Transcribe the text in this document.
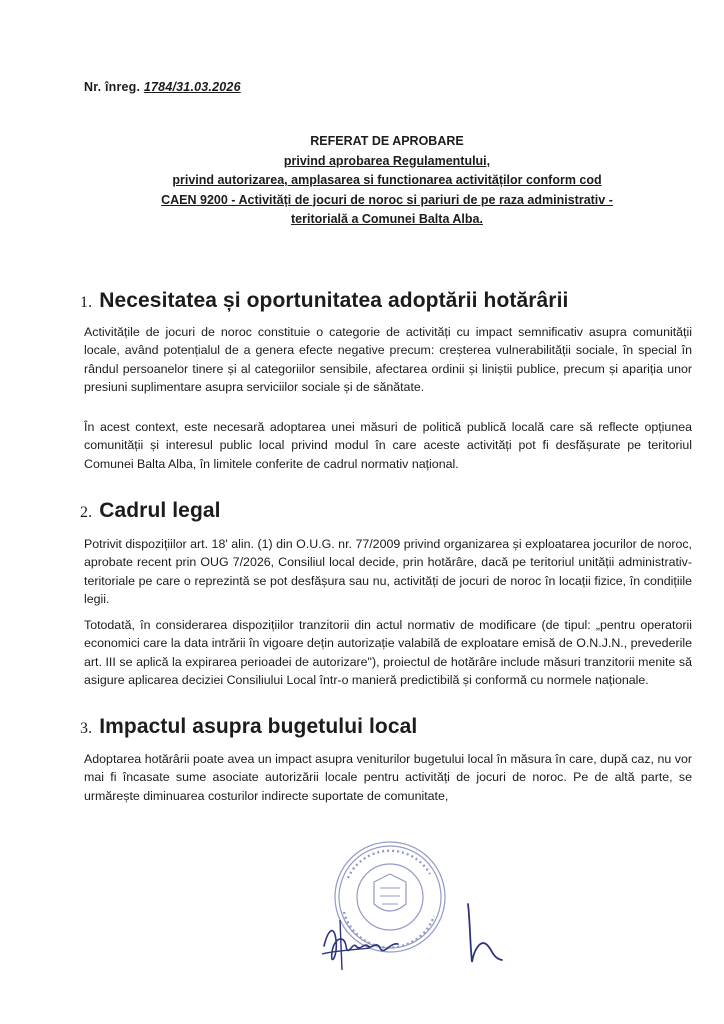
Nr. înreg. 1784/31.03.2026
REFERAT DE APROBARE
privind aprobarea Regulamentului,
privind autorizarea, amplasarea si functionarea activităților conform cod
CAEN 9200 - Activități de jocuri de noroc si pariuri de pe raza administrativ -
teritorială a Comunei Balta Alba.
1. Necesitatea și oportunitatea adoptării hotărârii

Activitățile de jocuri de noroc constituie o categorie de activități cu impact semnificativ asupra comunității locale, având potențialul de a genera efecte negative precum: creșterea vulnerabilității sociale, în special în rândul persoanelor tinere și al categoriilor sensibile, afectarea ordinii și liniștii publice, precum și apariția unor presiuni suplimentare asupra serviciilor sociale și de sănătate.

În acest context, este necesară adoptarea unei măsuri de politică publică locală care să reflecte opțiunea comunității și interesul public local privind modul în care aceste activități pot fi desfășurate pe teritoriul Comunei Balta Alba, în limitele conferite de cadrul normativ național.

2. Cadrul legal

Potrivit dispozițiilor art. 18' alin. (1) din O.U.G. nr. 77/2009 privind organizarea și exploatarea jocurilor de noroc, aprobate recent prin OUG 7/2026, Consiliul local decide, prin hotărâre, dacă pe teritoriul unității administrativ-teritoriale pe care o reprezintă se pot desfășura sau nu, activități de jocuri de noroc în locații fizice, în condițiile legii.

Totodată, în considerarea dispozițiilor tranzitorii din actul normativ de modificare (de tipul: „pentru operatorii economici care la data intrării în vigoare dețin autorizație valabilă de exploatare emisă de O.N.J.N., prevederile art. III se aplică la expirarea perioadei de autorizare"), proiectul de hotărâre include măsuri tranzitorii menite să asigure aplicarea deciziei Consiliului Local într-o manieră predictibilă și conformă cu normele naționale.

3. Impactul asupra bugetului local

Adoptarea hotărârii poate avea un impact asupra veniturilor bugetului local în măsura în care, după caz, nu vor mai fi încasate sume asociate autorizării locale pentru activități de jocuri de noroc. Pe de altă parte, se urmărește diminuarea costurilor indirecte suportate de comunitate,
